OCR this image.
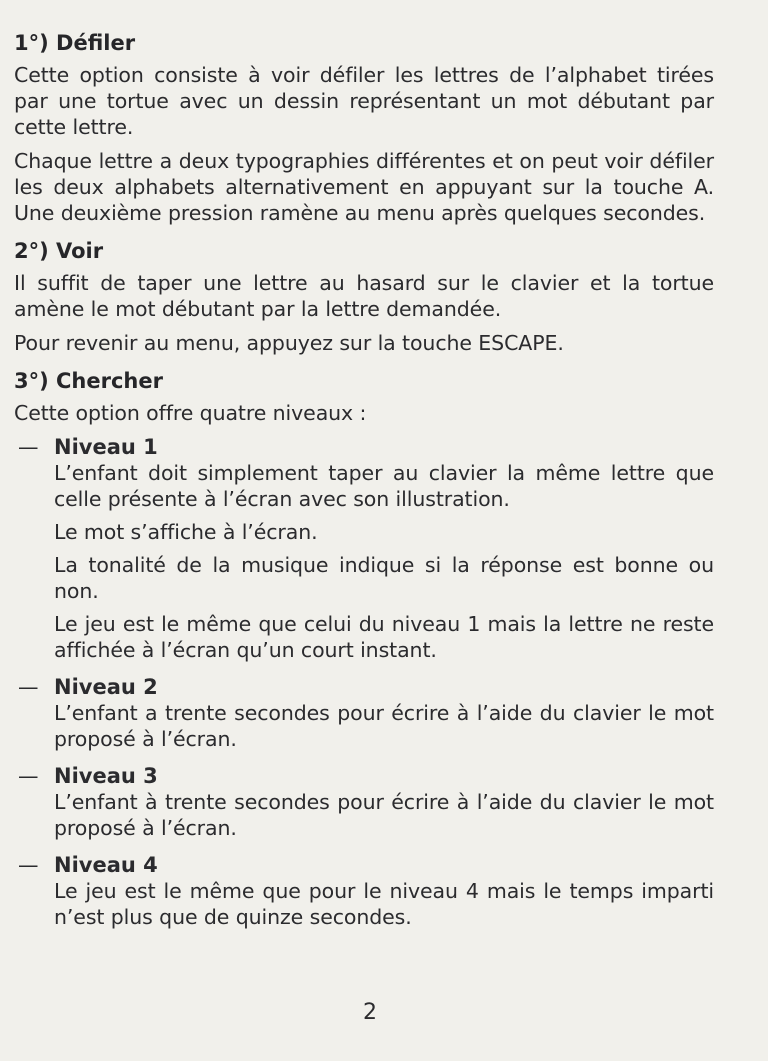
1°) Défiler

Cette option consiste à voir défiler les lettres de l’alphabet tirées par une tortue avec un dessin représentant un mot débutant par cette lettre.

Chaque lettre a deux typographies différentes et on peut voir défiler les deux alphabets alternativement en appuyant sur la touche A. Une deuxième pression ramène au menu après quelques secondes.

2°) Voir

Il suffit de taper une lettre au hasard sur le clavier et la tortue amène le mot débutant par la lettre demandée.

Pour revenir au menu, appuyez sur la touche ESCAPE.

3°) Chercher

Cette option offre quatre niveaux :

— Niveau 1

L’enfant doit simplement taper au clavier la même lettre que celle présente à l’écran avec son illustration.

Le mot s’affiche à l’écran.

La tonalité de la musique indique si la réponse est bonne ou non.

Le jeu est le même que celui du niveau 1 mais la lettre ne reste affichée à l’écran qu’un court instant.

— Niveau 2

L’enfant a trente secondes pour écrire à l’aide du clavier le mot proposé à l’écran.

— Niveau 3

L’enfant à trente secondes pour écrire à l’aide du clavier le mot proposé à l’écran.

— Niveau 4

Le jeu est le même que pour le niveau 4 mais le temps imparti n’est plus que de quinze secondes.

2
